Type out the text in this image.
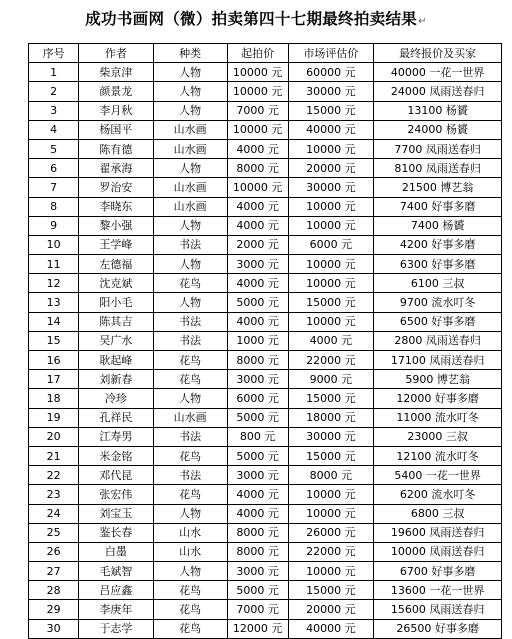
成功书画网（微）拍卖第四十七期最终拍卖结果↵
序号	作者	种类	起拍价	市场评估价	最终报价及买家
1	柴京津	人物	10000 元	60000 元	40000 一花一世界
2	颜景龙	人物	10000 元	30000 元	24000 凤雨送春归
3	李月秋	人物	7000 元	15000 元	13100 杨贇
4	杨国平	山水画	10000 元	40000 元	24000 杨贇
5	陈有德	山水画	4000 元	10000 元	7700 凤雨送春归
6	翟承海	人物	8000 元	20000 元	8100 凤雨送春归
7	罗治安	山水画	10000 元	30000 元	21500 博艺翁
8	李晓东	山水画	4000 元	10000 元	7400 好事多磨
9	黎小强	人物	4000 元	10000 元	7400 杨贇
10	王学峰	书法	2000 元	6000 元	4200 好事多磨
11	左德福	人物	3000 元	10000 元	6300 好事多磨
12	沈克斌	花鸟	4000 元	10000 元	6100 三叔
13	阳小毛	人物	5000 元	15000 元	9700 流水叮冬
14	陈其吉	书法	4000 元	10000 元	6500 好事多磨
15	吴广水	书法	1000 元	4000 元	2800 凤雨送春归
16	耿起峰	花鸟	8000 元	22000 元	17100 凤雨送春归
17	刘新春	花鸟	3000 元	9000 元	5900 博艺翁
18	冷珍	人物	6000 元	15000 元	12000 好事多磨
19	孔祥民	山水画	5000 元	18000 元	11000 流水叮冬
20	江寿男	书法	800 元	30000 元	23000 三叔
21	米金铭	花鸟	5000 元	15000 元	12100 流水叮冬
22	邓代昆	书法	3000 元	8000 元	5400 一花一世界
23	张宏伟	花鸟	4000 元	10000 元	6200 流水叮冬
24	刘宝玉	人物	4000 元	10000 元	6800 三叔
25	鉴长春	山水	8000 元	26000 元	19600 凤雨送春归
26	白墨	山水	8000 元	22000 元	10000 凤雨送春归
27	毛斌智	人物	3000 元	10000 元	6700 好事多磨
28	吕应鑫	花鸟	5000 元	15000 元	13600 一花一世界
29	李庚年	花鸟	7000 元	20000 元	15600 凤雨送春归
30	于志学	花鸟	12000 元	40000 元	26500 好事多磨
